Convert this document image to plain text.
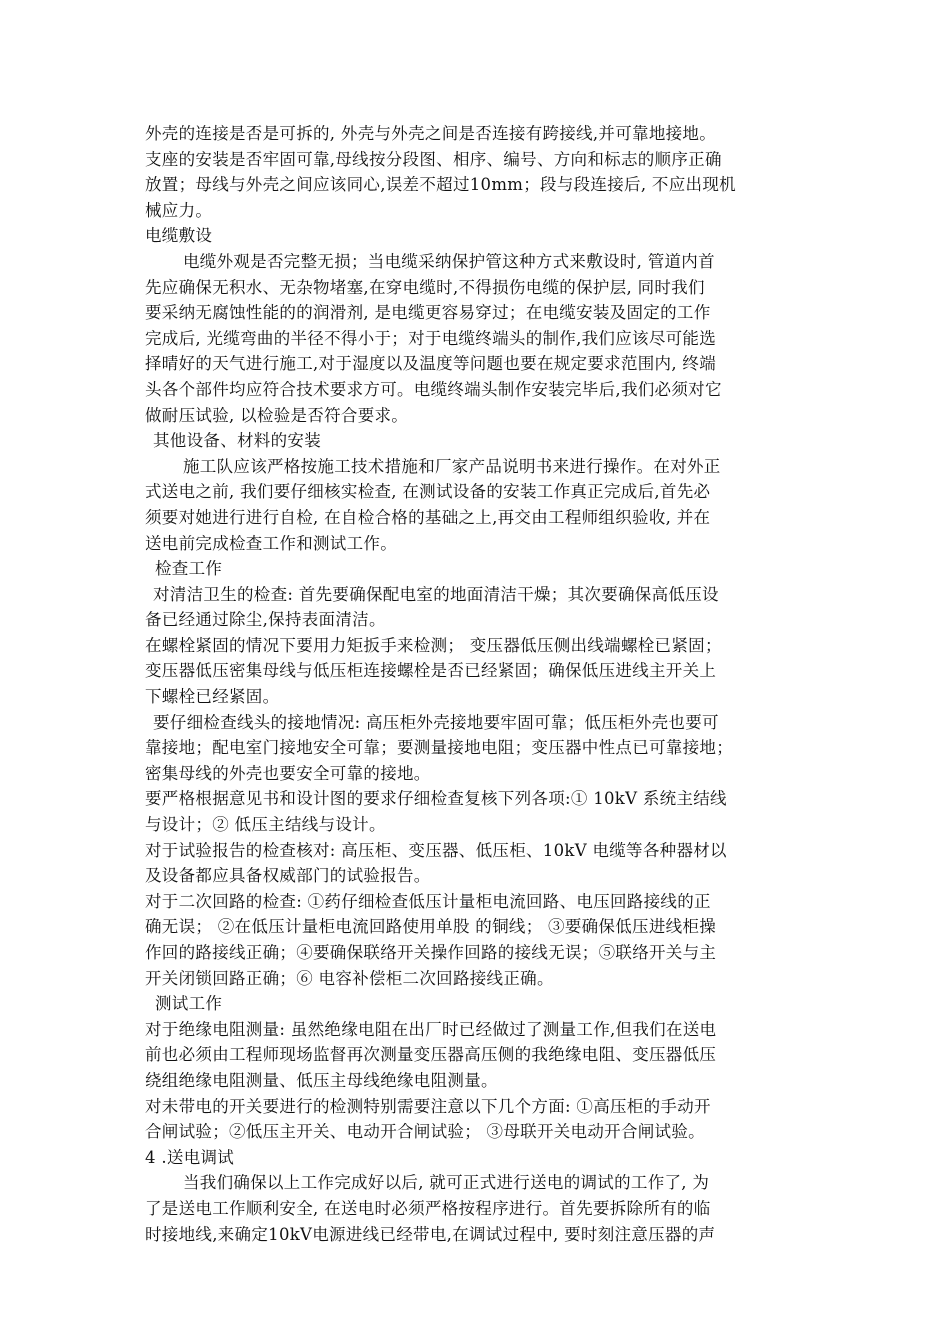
外壳的连接是否是可拆的, 外壳与外壳之间是否连接有跨接线,并可靠地接地。
支座的安装是否牢固可靠,母线按分段图、相序、编号、方向和标志的顺序正确
放置；母线与外壳之间应该同心,误差不超过10mm；段与段连接后, 不应出现机
械应力。
电缆敷设
电缆外观是否完整无损；当电缆采纳保护管这种方式来敷设时, 管道内首
先应确保无积水、无杂物堵塞,在穿电缆时,不得损伤电缆的保护层, 同时我们
要采纳无腐蚀性能的的润滑剂, 是电缆更容易穿过；在电缆安装及固定的工作
完成后, 光缆弯曲的半径不得小于；对于电缆终端头的制作,我们应该尽可能选
择晴好的天气进行施工,对于湿度以及温度等问题也要在规定要求范围内, 终端
头各个部件均应符合技术要求方可。电缆终端头制作安装完毕后,我们必须对它
做耐压试验, 以检验是否符合要求。
其他设备、材料的安装
施工队应该严格按施工技术措施和厂家产品说明书来进行操作。在对外正
式送电之前, 我们要仔细核实检查, 在测试设备的安装工作真正完成后,首先必
须要对她进行进行自检, 在自检合格的基础之上,再交由工程师组织验收, 并在
送电前完成检查工作和测试工作。
检查工作
对清洁卫生的检查: 首先要确保配电室的地面清洁干燥；其次要确保高低压设
备已经通过除尘,保持表面清洁。
在螺栓紧固的情况下要用力矩扳手来检测； 变压器低压侧出线端螺栓已紧固；
变压器低压密集母线与低压柜连接螺栓是否已经紧固；确保低压进线主开关上
下螺栓已经紧固。
要仔细检查线头的接地情况: 高压柜外壳接地要牢固可靠；低压柜外壳也要可
靠接地；配电室门接地安全可靠；要测量接地电阻；变压器中性点已可靠接地；
密集母线的外壳也要安全可靠的接地。
要严格根据意见书和设计图的要求仔细检查复核下列各项:① 10kV 系统主结线
与设计；② 低压主结线与设计。
对于试验报告的检查核对: 高压柜、变压器、低压柜、10kV 电缆等各种器材以
及设备都应具备权威部门的试验报告。
对于二次回路的检查: ①药仔细检查低压计量柜电流回路、电压回路接线的正
确无误； ②在低压计量柜电流回路使用单股 的铜线； ③要确保低压进线柜操
作回的路接线正确；④要确保联络开关操作回路的接线无误；⑤联络开关与主
开关闭锁回路正确；⑥ 电容补偿柜二次回路接线正确。
测试工作
对于绝缘电阻测量: 虽然绝缘电阻在出厂时已经做过了测量工作,但我们在送电
前也必须由工程师现场监督再次测量变压器高压侧的我绝缘电阻、变压器低压
绕组绝缘电阻测量、低压主母线绝缘电阻测量。
对未带电的开关要进行的检测特别需要注意以下几个方面: ①高压柜的手动开
合闸试验；②低压主开关、电动开合闸试验； ③母联开关电动开合闸试验。
4 .送电调试
当我们确保以上工作完成好以后, 就可正式进行送电的调试的工作了, 为
了是送电工作顺利安全, 在送电时必须严格按程序进行。首先要拆除所有的临
时接地线,来确定10kV电源进线已经带电,在调试过程中, 要时刻注意压器的声
